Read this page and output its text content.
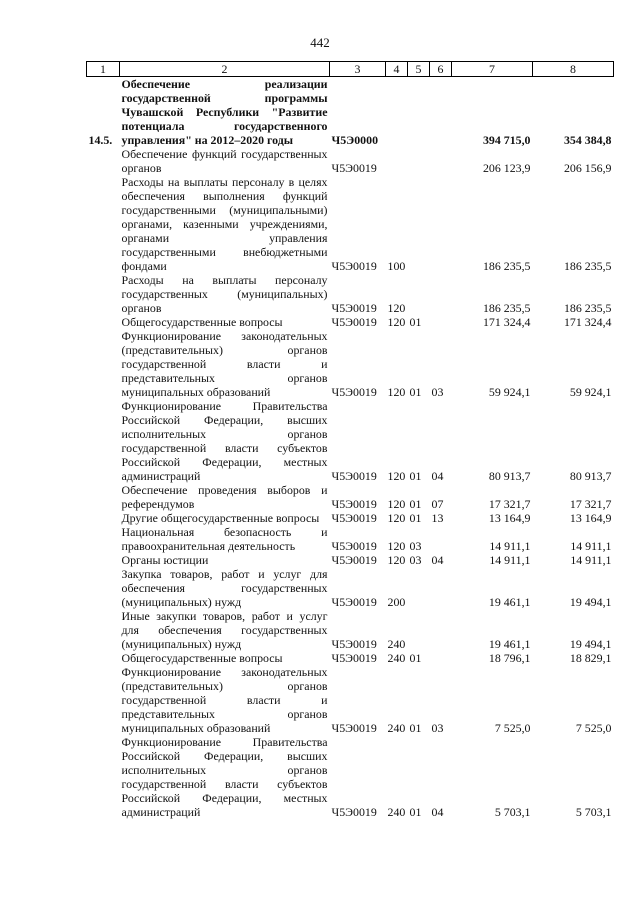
442
1	2	3	4	5	6	7	8
14.5.	Обеспечение реализации государственной программы Чувашской Республики "Развитие потенциала государственного управления" на 2012–2020 годы	Ч5Э0000				394 715,0	354 384,8
	Обеспечение функций государственных органов	Ч5Э0019				206 123,9	206 156,9
	Расходы на выплаты персоналу в целях обеспечения выполнения функций государственными (муниципальными) органами, казенными учреждениями, органами управления государственными внебюджетными фондами	Ч5Э0019	100			186 235,5	186 235,5
	Расходы на выплаты персоналу государственных (муниципальных) органов	Ч5Э0019	120			186 235,5	186 235,5
	Общегосударственные вопросы	Ч5Э0019	120	01		171 324,4	171 324,4
	Функционирование законодательных (представительных) органов государственной власти и представительных органов муниципальных образований	Ч5Э0019	120	01	03	59 924,1	59 924,1
	Функционирование Правительства Российской Федерации, высших исполнительных органов государственной власти субъектов Российской Федерации, местных администраций	Ч5Э0019	120	01	04	80 913,7	80 913,7
	Обеспечение проведения выборов и референдумов	Ч5Э0019	120	01	07	17 321,7	17 321,7
	Другие общегосударственные вопросы	Ч5Э0019	120	01	13	13 164,9	13 164,9
	Национальная безопасность и правоохранительная деятельность	Ч5Э0019	120	03		14 911,1	14 911,1
	Органы юстиции	Ч5Э0019	120	03	04	14 911,1	14 911,1
	Закупка товаров, работ и услуг для обеспечения государственных (муниципальных) нужд	Ч5Э0019	200			19 461,1	19 494,1
	Иные закупки товаров, работ и услуг для обеспечения государственных (муниципальных) нужд	Ч5Э0019	240			19 461,1	19 494,1
	Общегосударственные вопросы	Ч5Э0019	240	01		18 796,1	18 829,1
	Функционирование законодательных (представительных) органов государственной власти и представительных органов муниципальных образований	Ч5Э0019	240	01	03	7 525,0	7 525,0
	Функционирование Правительства Российской Федерации, высших исполнительных органов государственной власти субъектов Российской Федерации, местных администраций	Ч5Э0019	240	01	04	5 703,1	5 703,1
